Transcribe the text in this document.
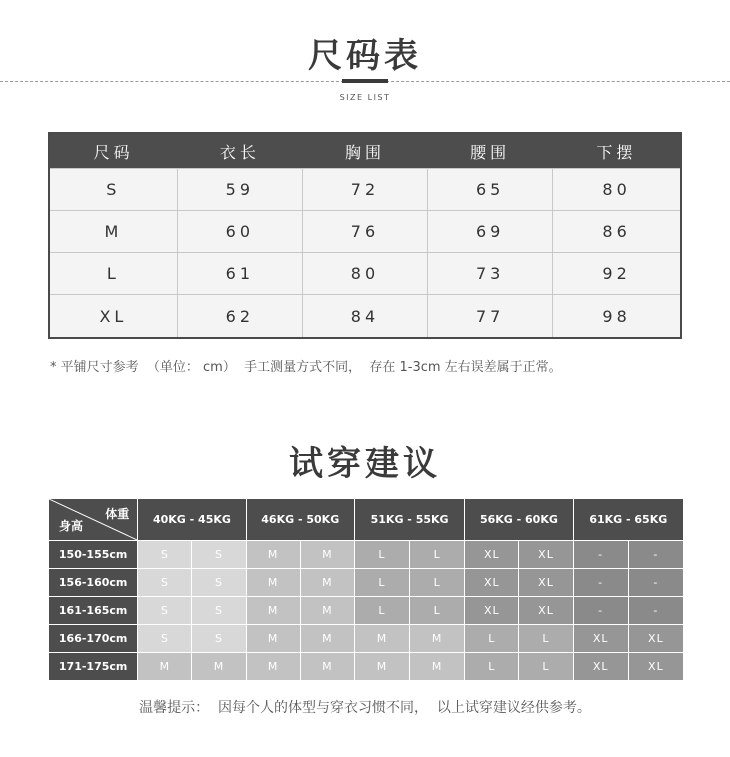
尺码表
SIZE LIST
尺码	衣长	胸围	腰围	下摆
S	59	72	65	80
M	60	76	69	86
L	61	80	73	92
XL	62	84	77	98
* 平铺尺寸参考  （单位： cm）  手工测量方式不同，  存在 1-3cm 左右误差属于正常。
试穿建议
体重
身高	40KG - 45KG		46KG - 50KG		51KG - 55KG		56KG - 60KG		61KG - 65KG	
150-155cm	S	S	M	M	L	L	XL	XL	-	-
156-160cm	S	S	M	M	L	L	XL	XL	-	-
161-165cm	S	S	M	M	L	L	XL	XL	-	-
166-170cm	S	S	M	M	M	M	L	L	XL	XL
171-175cm	M	M	M	M	M	M	L	L	XL	XL
温馨提示：  因每个人的体型与穿衣习惯不同，  以上试穿建议经供参考。
